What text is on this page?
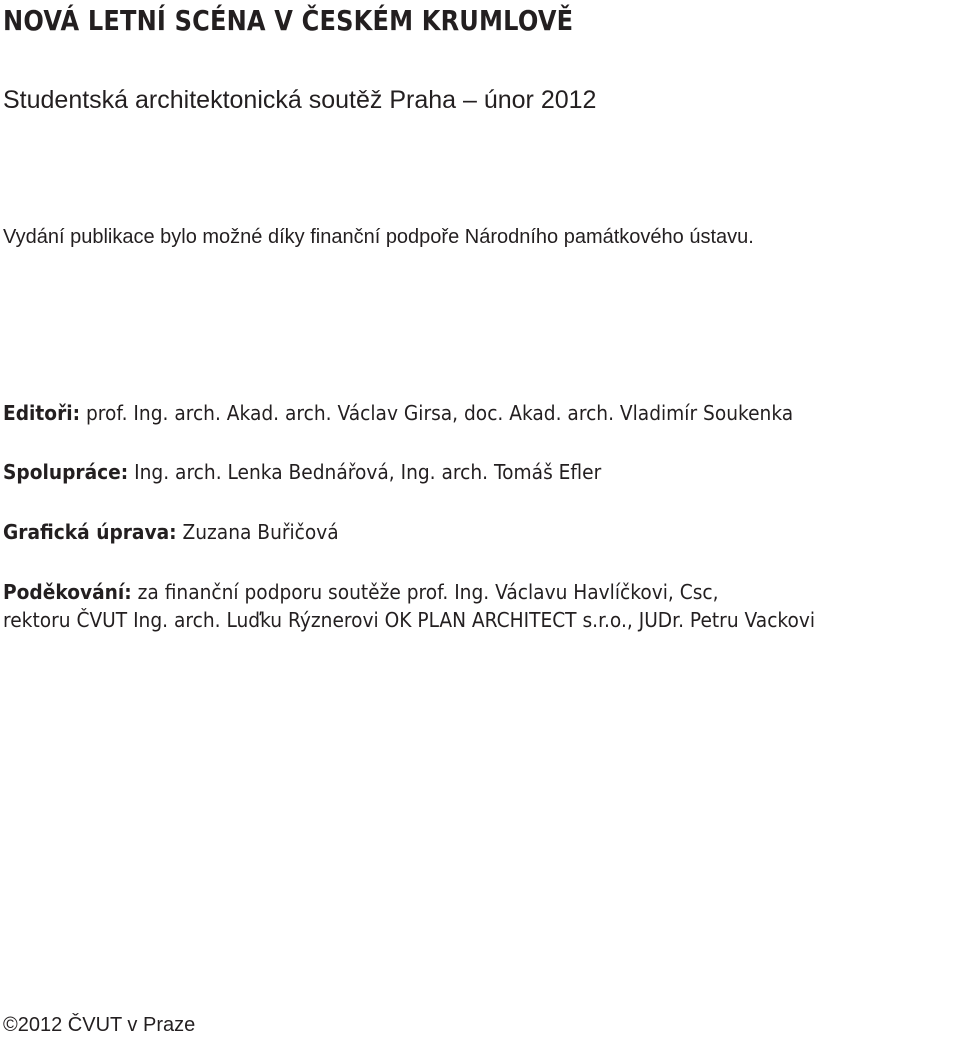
NOVÁ LETNÍ SCÉNA V ČESKÉM KRUMLOVĚ
Studentská architektonická soutěž Praha – únor 2012
Vydání publikace bylo možné díky finanční podpoře Národního památkového ústavu.
Editoři: prof. Ing. arch. Akad. arch. Václav Girsa, doc. Akad. arch. Vladimír Soukenka
Spolupráce: Ing. arch. Lenka Bednářová, Ing. arch. Tomáš Efler
Grafická úprava: Zuzana Buřičová
Poděkování: za finanční podporu soutěže prof. Ing. Václavu Havlíčkovi, Csc,
rektoru ČVUT Ing. arch. Luďku Rýznerovi OK PLAN ARCHITECT s.r.o., JUDr. Petru Vackovi
©2012 ČVUT v Praze
